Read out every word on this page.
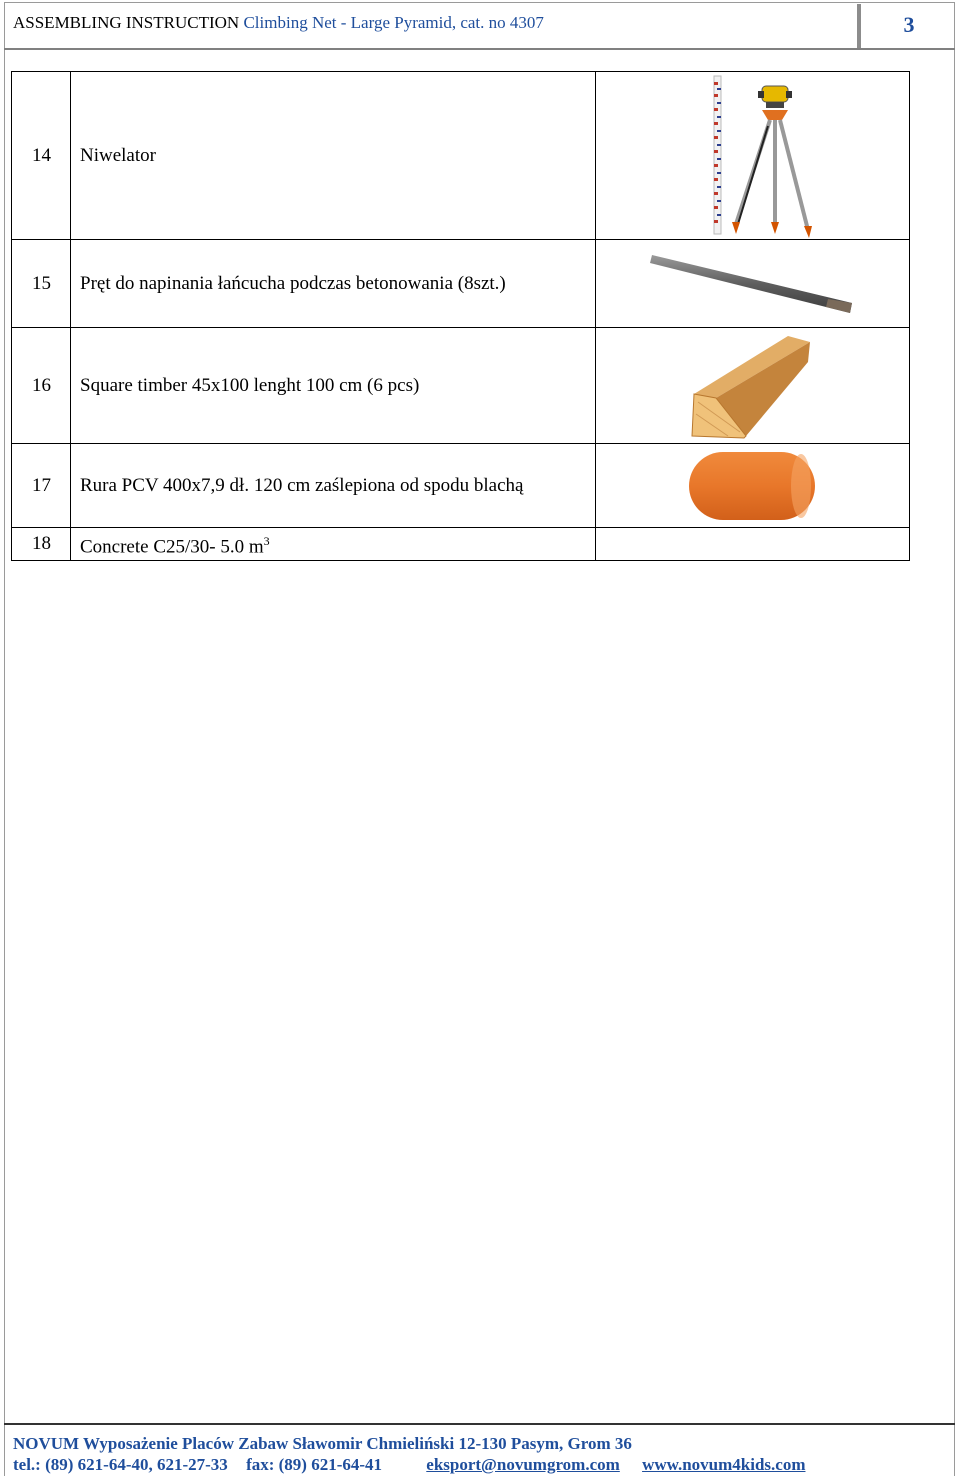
ASSEMBLING INSTRUCTION Climbing Net - Large Pyramid, cat. no 4307	3
14	Niwelator	

15	Pręt do napinania łańcucha podczas betonowania (8szt.)	

16	Square timber 45x100 lenght 100 cm (6 pcs)	

17	Rura PCV 400x7,9 dł. 120 cm zaślepiona od spodu blachą	

18	Concrete C25/30- 5.0 $m^3$	
NOVUM Wyposażenie Placów Zabaw Sławomir Chmieliński 12-130 Pasym, Grom 36
tel.: (89) 621-64-40, 621-27-33 fax: (89) 621-64-41	eksport@novumgrom.com www.novum4kids.com
